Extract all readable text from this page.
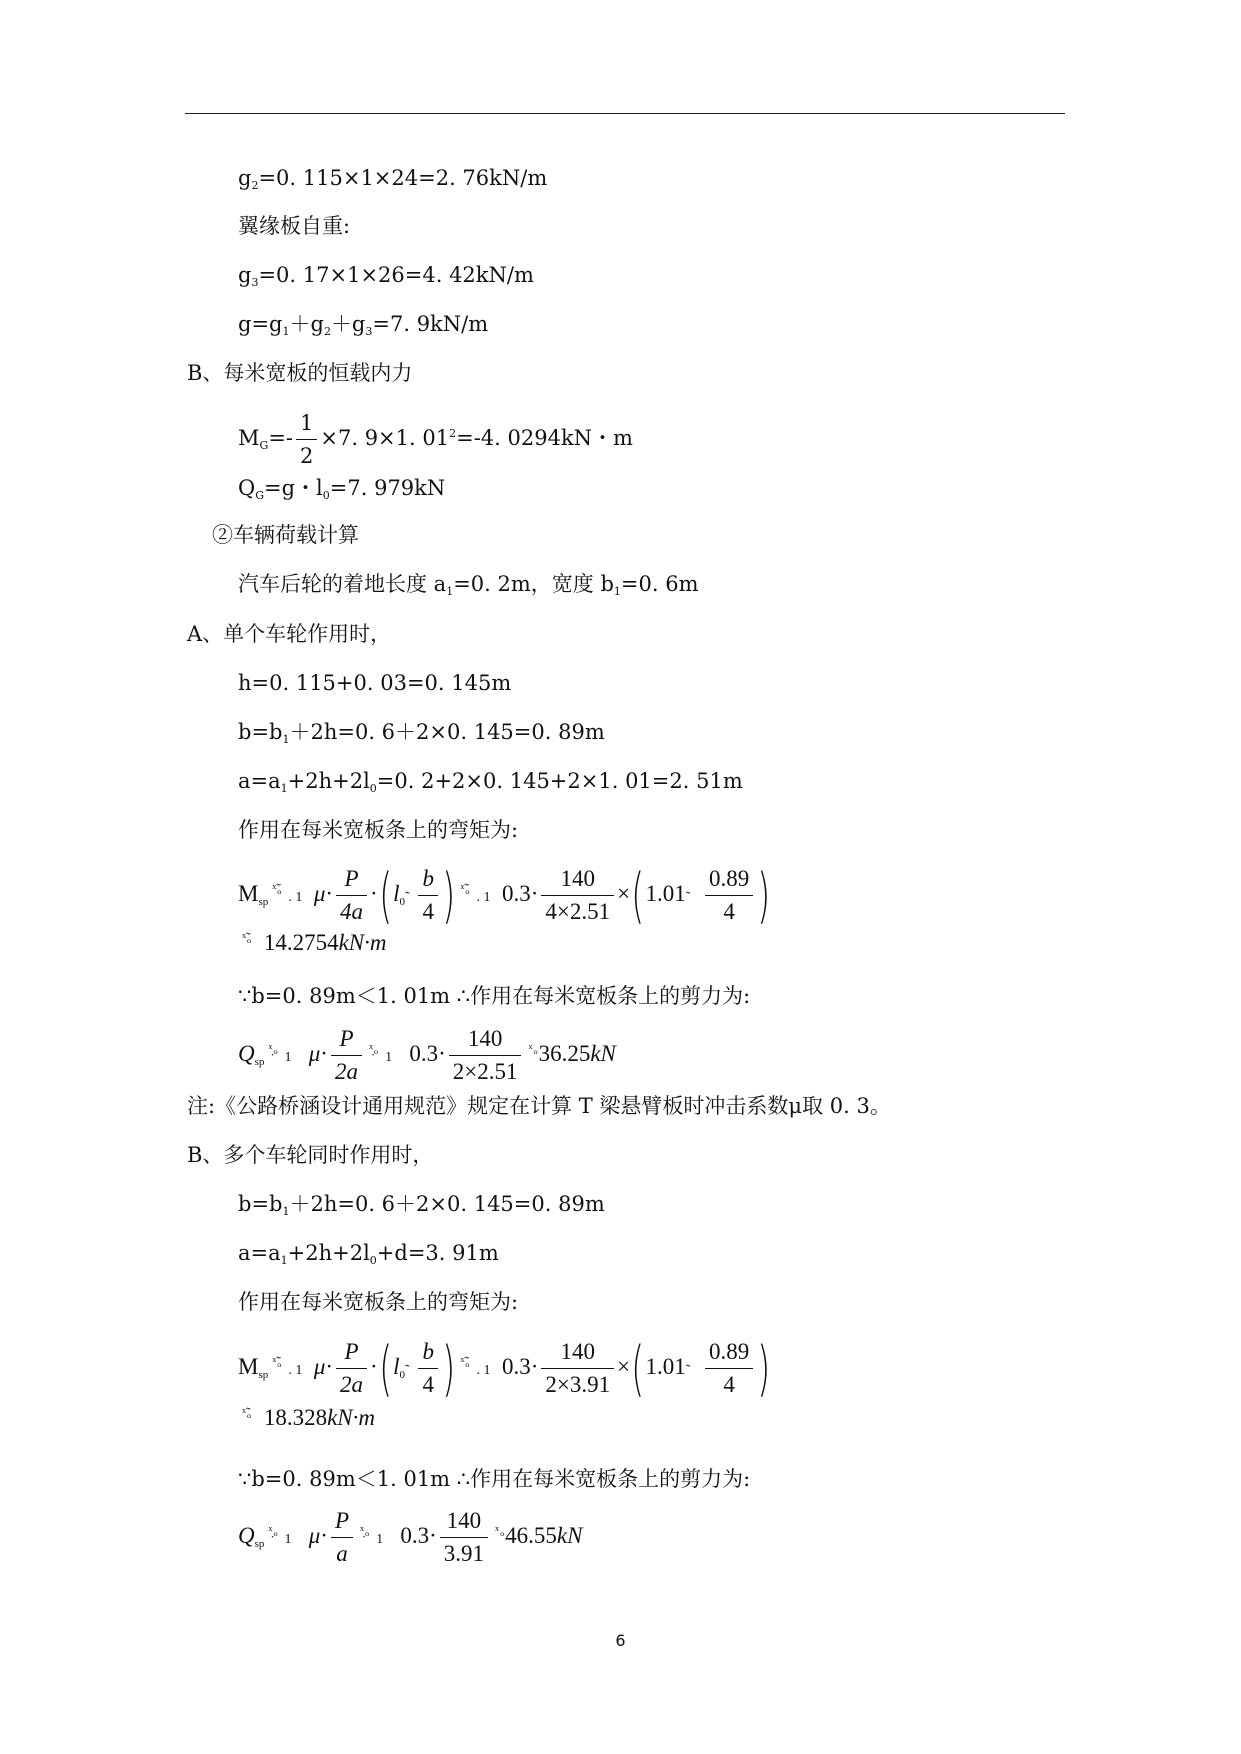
$g_2=0$. 115×1×24=2. 76kN/m
翼缘板自重:
$g_3=0$. 17×1×26=4. 42kN/m
$g=g_1+g_2+g_3=7$. 9kN/m
B、每米宽板的恒载内力
$M_G=- \frac{1}{2} \times 7$. 9×1. $01^2=-4$. 0294kN・m
$Q_G=g$・$l_0=7$. 979kN
②车辆荷载计算
汽车后轮的着地长度 $a_1=0$. 2m，宽度 $b_1=0$. 6m
A、单个车轮作用时，
h=0. 115+0. 03=0. 145m
$b=b_1+2h=0$. 6＋2×0. 145=0. 89m
$a=a_1+2h+2l_0=0$. 2+2×0. 145+2×1. 01=2. 51m
作用在每米宽板条上的弯矩为:
$M_{sp}^{ˣ̃_o}$. 1 $\mu\cdot \frac{P}{4a}$ $\cdot(l_0˜ \frac{b}{4}$ ) $^{ˣ̃_o}$. 1 $0.3\cdot \frac{140}{4\times 2.51}$ ×(1.01˜ $\frac{0.89}{4}$ )
$^{ˣ̃_o}$ 14.2754kN·m
∵b=0. 89m＜1. 01m ∴作用在每米宽板条上的剪力为:
$Q_{sp}^{ˣ̣_o}1$ $\mu\cdot \frac{P}{2a} ^{ˣ̣_o}1$ $0.3\cdot \frac{140}{2\times 2.51} ^{ˣ_o}36.25kN$
注:《公路桥涵设计通用规范》规定在计算 T 梁悬臂板时冲击系数μ取 0. 3。
B、多个车轮同时作用时，
$b=b_1+2h=0$. 6＋2×0. 145=0. 89m
$a=a_1+2h+2l_0+d=3$. 91m
作用在每米宽板条上的弯矩为:
$M_{sp}^{ˣ̃_o}$. 1 $\mu\cdot \frac{P}{2a}$ $\cdot(l_0˜ \frac{b}{4}$ ) $^{ˣ̃_o}$. 1 $0.3\cdot \frac{140}{2\times 3.91}$ ×(1.01˜ $\frac{0.89}{4}$ )
$^{ˣ̃_o}$ 18.328kN·m
∵b=0. 89m＜1. 01m ∴作用在每米宽板条上的剪力为:
$Q_{sp}^{ˣ̣_o}1$ $\mu\cdot \frac{P}{a} ^{ˣ̣_o}1$ $0.3\cdot \frac{140}{3.91} ^{ˣ_o}46.55kN$
6
